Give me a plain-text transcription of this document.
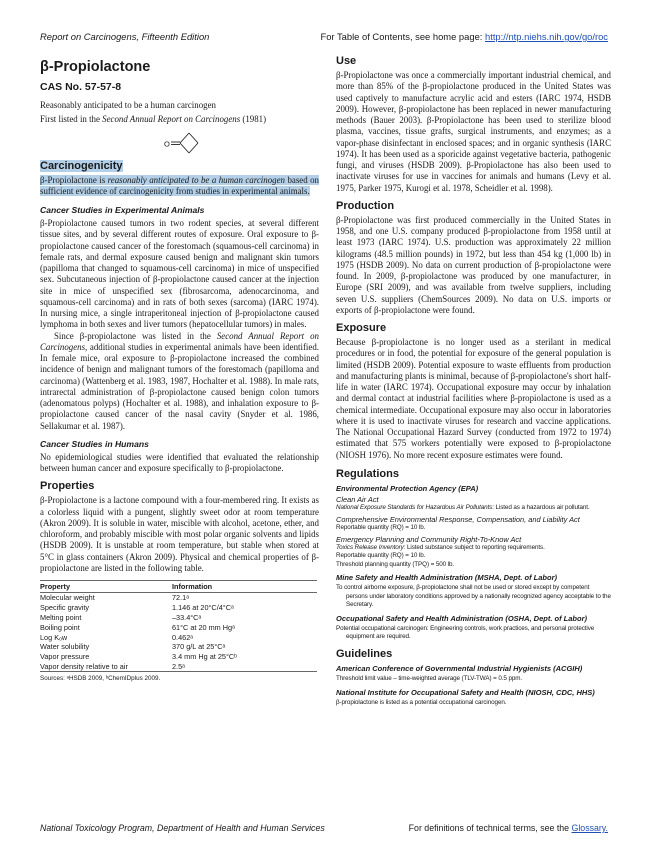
Report on Carcinogens, Fifteenth Edition	For Table of Contents, see home page: http://ntp.niehs.nih.gov/go/roc
β-Propiolactone
CAS No. 57-57-8

Reasonably anticipated to be a human carcinogen

First listed in the Second Annual Report on Carcinogens (1981)

O
Carcinogenicity

β-Propiolactone is reasonably anticipated to be a human carcinogen based on sufficient evidence of carcinogenicity from studies in experimental animals.

Cancer Studies in Experimental Animals

β-Propiolactone caused tumors in two rodent species, at several different tissue sites, and by several different routes of exposure. Oral exposure to β-propiolactone caused cancer of the forestomach (squamous-cell carcinoma) in female rats, and dermal exposure caused benign and malignant skin tumors (papilloma that changed to squamous-cell carcinoma) in mice of unspecified sex. Subcutaneous injection of β-propiolactone caused cancer at the injection site in mice of unspecified sex (fibrosarcoma, adenocarcinoma, and squamous-cell carcinoma) and in rats of both sexes (sarcoma) (IARC 1974). In nursing mice, a single intraperitoneal injection of β-propiolactone caused lymphoma in both sexes and liver tumors (hepatocellular tumors) in males.

Since β-propiolactone was listed in the Second Annual Report on Carcinogens, additional studies in experimental animals have been identified. In female mice, oral exposure to β-propiolactone increased the combined incidence of benign and malignant tumors of the forestomach (papilloma and carcinoma) (Wattenberg et al. 1983, 1987, Hochalter et al. 1988). In male rats, intrarectal administration of β-propiolactone caused benign colon tumors (adenomatous polyps) (Hochalter et al. 1988), and inhalation exposure to β-propiolactone caused cancer of the nasal cavity (Snyder et al. 1986, Sellakumar et al. 1987).

Cancer Studies in Humans

No epidemiological studies were identified that evaluated the relationship between human cancer and exposure specifically to β-propiolactone.

Properties

β-Propiolactone is a lactone compound with a four-membered ring. It exists as a colorless liquid with a pungent, slightly sweet odor at room temperature (Akron 2009). It is soluble in water, miscible with alcohol, acetone, ether, and chloroform, and probably miscible with most polar organic solvents and lipids (HSDB 2009). It is unstable at room temperature, but stable when stored at 5°C in glass containers (Akron 2009). Physical and chemical properties of β-propiolactone are listed in the following table.

Property	Information
Molecular weight	72.1ᵃ
Specific gravity	1.146 at 20°C/4°Cᵃ
Melting point	–33.4°Cᵃ
Boiling point	61°C at 20 mm Hgᵃ
Log Kₒw	0.462ᵃ
Water solubility	370 g/L at 25°Cᵃ
Vapor pressure	3.4 mm Hg at 25°Cᵇ
Vapor density relative to air	2.5ᵃ
Sources: ᵃHSDB 2009, ᵇChemIDplus 2009.
Use

β-Propiolactone was once a commercially important industrial chemical, and more than 85% of the β-propiolactone produced in the United States was used captively to manufacture acrylic acid and esters (IARC 1974, HSDB 2009). However, β-propiolactone has been replaced in newer manufacturing methods (Bauer 2003). β-Propiolactone has been used to sterilize blood plasma, vaccines, tissue grafts, surgical instruments, and enzymes; as a vapor-phase disinfectant in enclosed spaces; and in organic synthesis (IARC 1974). It has been used as a sporicide against vegetative bacteria, pathogenic fungi, and viruses (HSDB 2009). β-Propiolactone has also been used to inactivate viruses for use in vaccines for animals and humans (Levy et al. 1975, Parker 1975, Kurogi et al. 1978, Scheidler et al. 1998).

Production

β-Propiolactone was first produced commercially in the United States in 1958, and one U.S. company produced β-propiolactone from 1958 until at least 1973 (IARC 1974). U.S. production was approximately 22 million kilograms (48.5 million pounds) in 1972, but less than 454 kg (1,000 lb) in 1975 (HSDB 2009). No data on current production of β-propiolactone were found. In 2009, β-propiolactone was produced by one manufacturer, in Europe (SRI 2009), and was available from twelve suppliers, including seven U.S. suppliers (ChemSources 2009). No data on U.S. imports or exports of β-propiolactone were found.

Exposure

Because β-propiolactone is no longer used as a sterilant in medical procedures or in food, the potential for exposure of the general population is limited (HSDB 2009). Potential exposure to waste effluents from production and manufacturing plants is minimal, because of β-propiolactone's short half-life in water (IARC 1974). Occupational exposure may occur by inhalation and dermal contact at industrial facilities where β-propiolactone is used as a chemical intermediate. Occupational exposure may also occur in laboratories where it is used to inactivate viruses for research and vaccine applications. The National Occupational Hazard Survey (conducted from 1972 to 1974) estimated that 575 workers potentially were exposed to β-propiolactone (NIOSH 1976). No more recent exposure estimates were found.

Regulations
Environmental Protection Agency (EPA)
Clean Air Act
National Exposure Standards for Hazardous Air Pollutants: Listed as a hazardous air pollutant.
Comprehensive Environmental Response, Compensation, and Liability Act
Reportable quantity (RQ) = 10 lb.
Emergency Planning and Community Right-To-Know Act
Toxics Release Inventory: Listed substance subject to reporting requirements.
Reportable quantity (RQ) = 10 lb.
Threshold planning quantity (TPQ) = 500 lb.
Mine Safety and Health Administration (MSHA, Dept. of Labor)
To control airborne exposure, β-propiolactone shall not be used or stored except by competent persons under laboratory conditions approved by a nationally recognized agency acceptable to the Secretary.
Occupational Safety and Health Administration (OSHA, Dept. of Labor)
Potential occupational carcinogen: Engineering controls, work practices, and personal protective equipment are required.
Guidelines
American Conference of Governmental Industrial Hygienists (ACGIH)
Threshold limit value – time-weighted average (TLV-TWA) = 0.5 ppm.
National Institute for Occupational Safety and Health (NIOSH, CDC, HHS)
β-propiolactone is listed as a potential occupational carcinogen.
National Toxicology Program, Department of Health and Human Services	For definitions of technical terms, see the Glossary.
